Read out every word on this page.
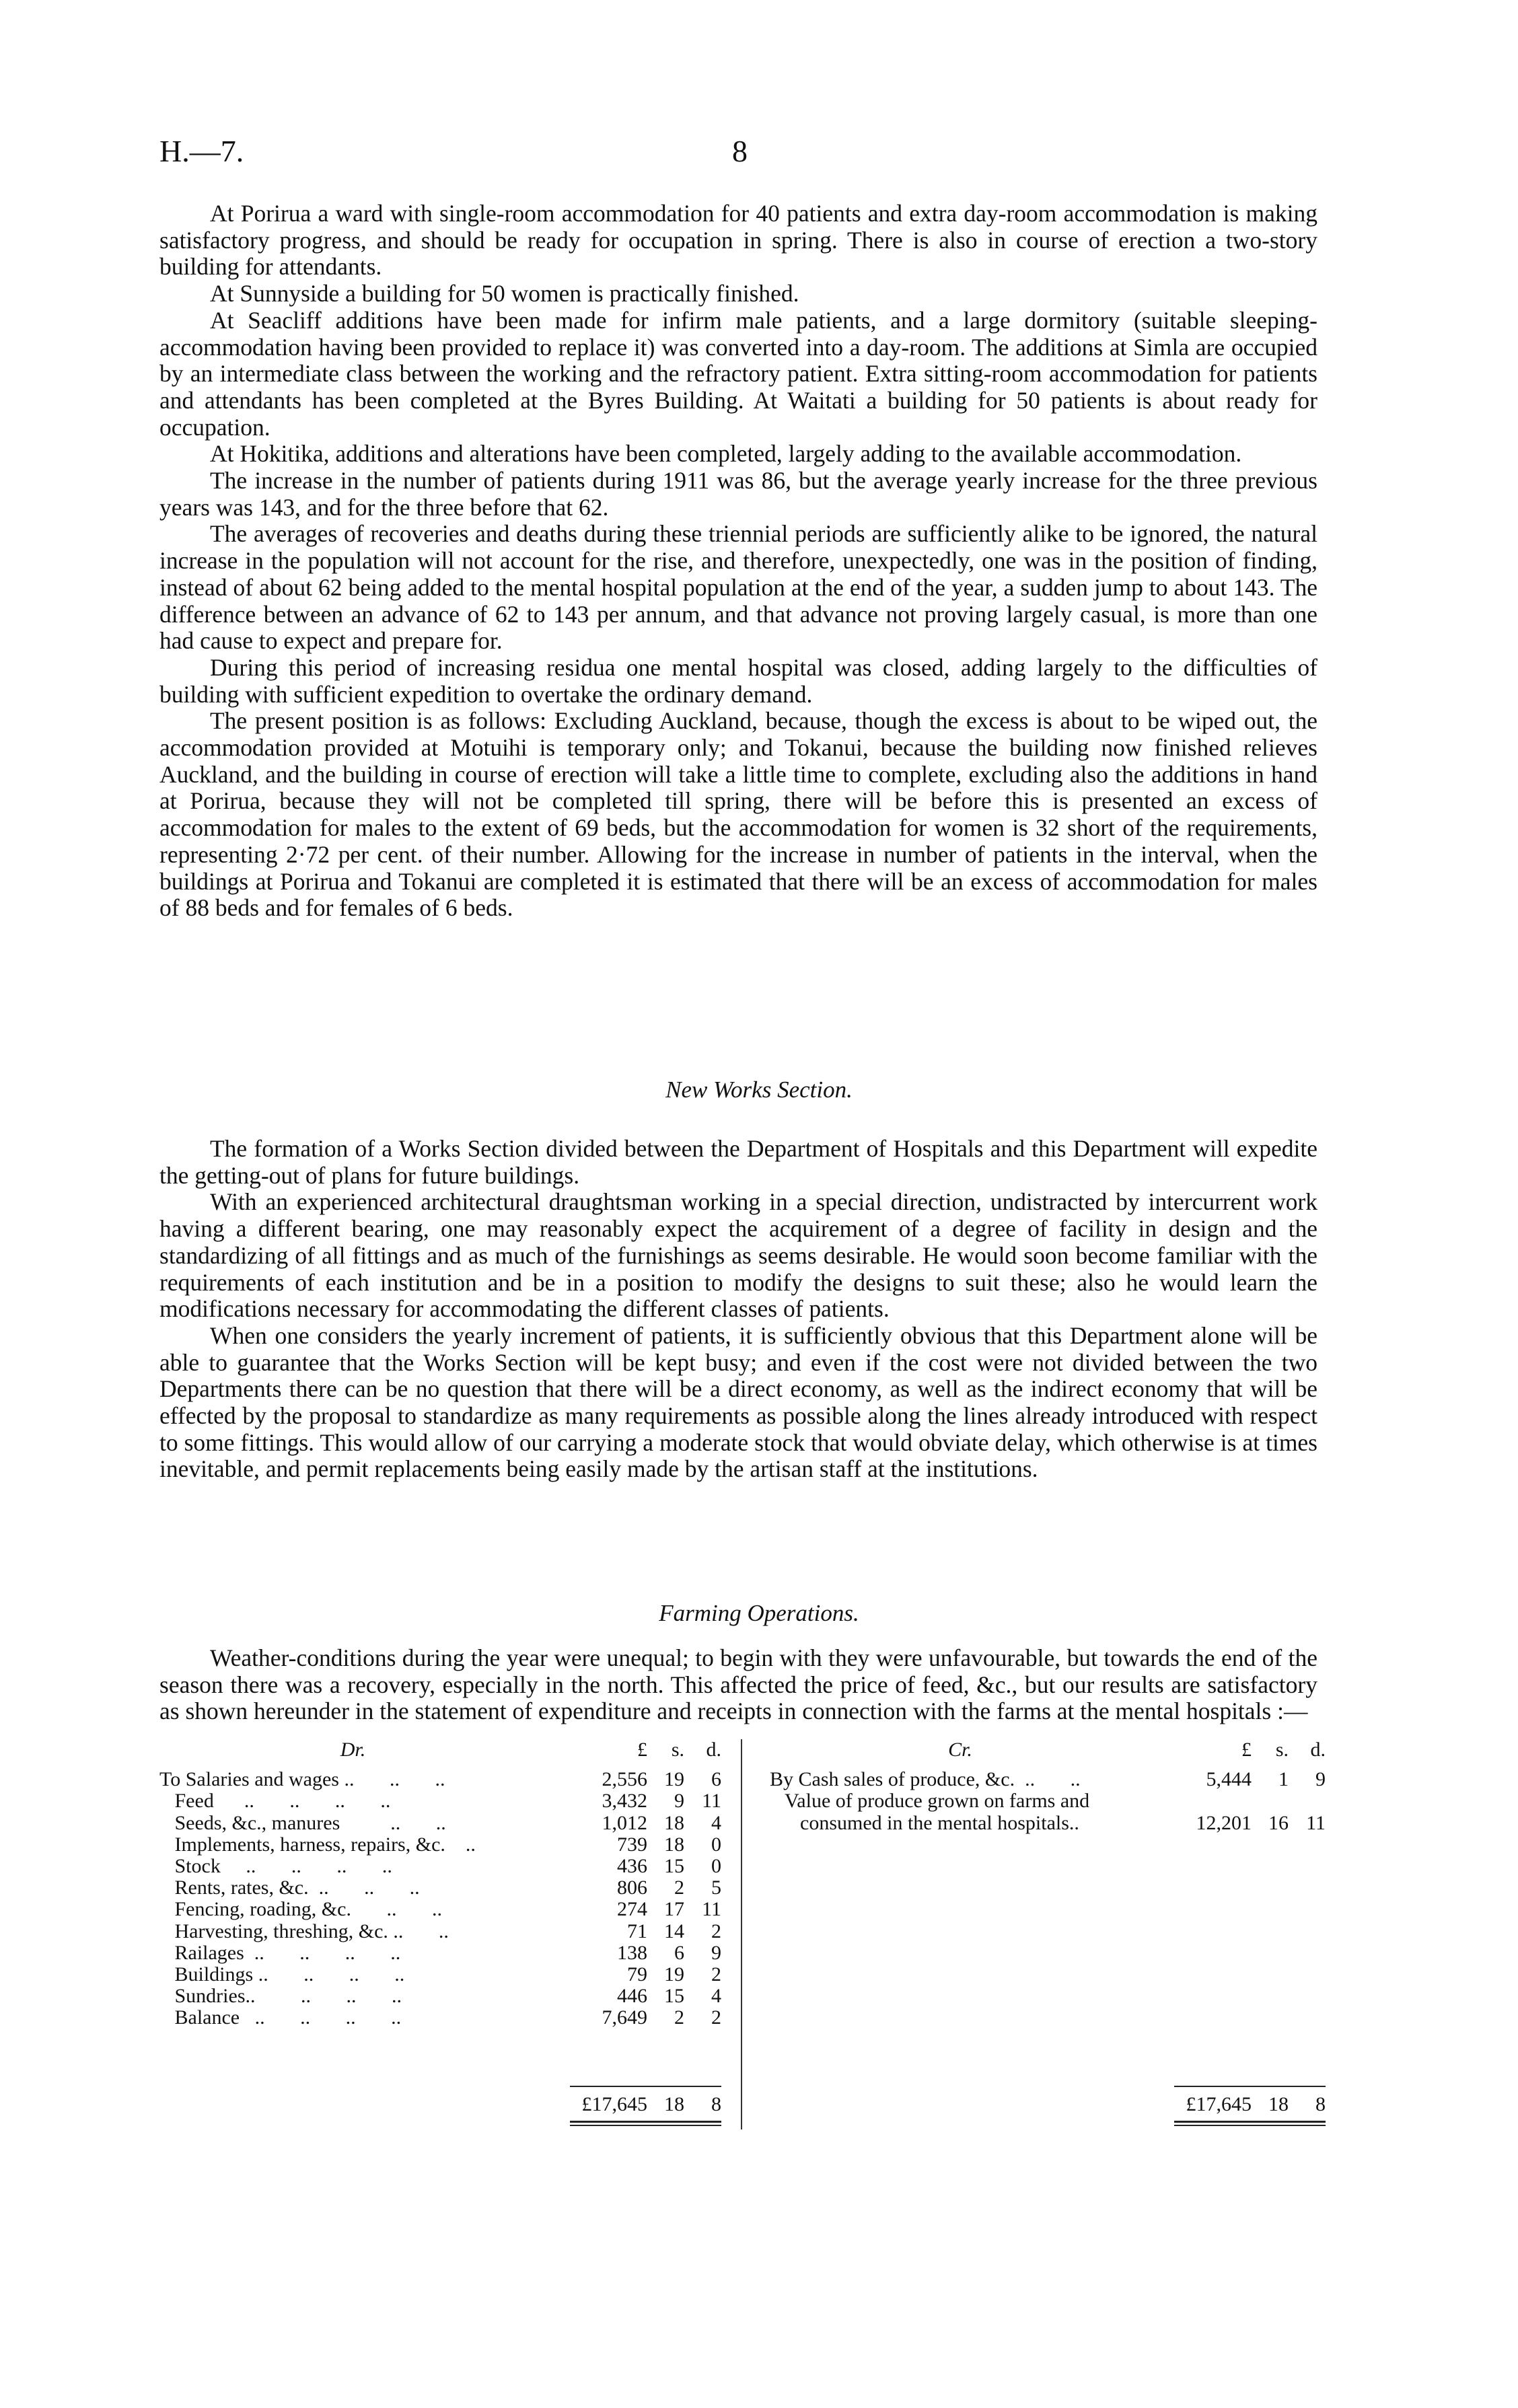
H.—7.	8

At Porirua a ward with single-room accommodation for 40 patients and extra day-room accommodation is making satisfactory progress, and should be ready for occupation in spring. There is also in course of erection a two-story building for attendants.

At Sunnyside a building for 50 women is practically finished.

At Seacliff additions have been made for infirm male patients, and a large dormitory (suitable sleeping-accommodation having been provided to replace it) was converted into a day-room. The additions at Simla are occupied by an intermediate class between the working and the refractory patient. Extra sitting-room accommodation for patients and attendants has been completed at the Byres Building. At Waitati a building for 50 patients is about ready for occupation.

At Hokitika, additions and alterations have been completed, largely adding to the available accommodation.

The increase in the number of patients during 1911 was 86, but the average yearly increase for the three previous years was 143, and for the three before that 62.

The averages of recoveries and deaths during these triennial periods are sufficiently alike to be ignored, the natural increase in the population will not account for the rise, and therefore, unexpectedly, one was in the position of finding, instead of about 62 being added to the mental hospital population at the end of the year, a sudden jump to about 143. The difference between an advance of 62 to 143 per annum, and that advance not proving largely casual, is more than one had cause to expect and prepare for.

During this period of increasing residua one mental hospital was closed, adding largely to the difficulties of building with sufficient expedition to overtake the ordinary demand.

The present position is as follows: Excluding Auckland, because, though the excess is about to be wiped out, the accommodation provided at Motuihi is temporary only; and Tokanui, because the building now finished relieves Auckland, and the building in course of erection will take a little time to complete, excluding also the additions in hand at Porirua, because they will not be completed till spring, there will be before this is presented an excess of accommodation for males to the extent of 69 beds, but the accommodation for women is 32 short of the requirements, representing 2·72 per cent. of their number. Allowing for the increase in number of patients in the interval, when the buildings at Porirua and Tokanui are completed it is estimated that there will be an excess of accommodation for males of 88 beds and for females of 6 beds.

New Works Section.

The formation of a Works Section divided between the Department of Hospitals and this Department will expedite the getting-out of plans for future buildings.

With an experienced architectural draughtsman working in a special direction, undistracted by intercurrent work having a different bearing, one may reasonably expect the acquirement of a degree of facility in design and the standardizing of all fittings and as much of the furnishings as seems desirable. He would soon become familiar with the requirements of each institution and be in a position to modify the designs to suit these; also he would learn the modifications necessary for accommodating the different classes of patients.

When one considers the yearly increment of patients, it is sufficiently obvious that this Department alone will be able to guarantee that the Works Section will be kept busy; and even if the cost were not divided between the two Departments there can be no question that there will be a direct economy, as well as the indirect economy that will be effected by the proposal to standardize as many requirements as possible along the lines already introduced with respect to some fittings. This would allow of our carrying a moderate stock that would obviate delay, which otherwise is at times inevitable, and permit replacements being easily made by the artisan staff at the institutions.

Farming Operations.

Weather-conditions during the year were unequal; to begin with they were unfavourable, but towards the end of the season there was a recovery, especially in the north. This affected the price of feed, &c., but our results are satisfactory as shown hereunder in the statement of expenditure and receipts in connection with the farms at the mental hospitals :—

Dr.	£	s.	d.
To Salaries and wages ..       ..       ..	2,556 19	6
Feed      ..       ..       ..       ..	3,432	9 11
Seeds, &c., manures          ..       ..	1,012 18	4
Implements, harness, repairs, &c.    ..	739 18	0
Stock     ..       ..       ..       ..	436 15	0
Rents, rates, &c.  ..       ..       ..	806	2	5
Fencing, roading, &c.       ..       ..	274 17 11
Harvesting, threshing, &c. ..       ..	71 14	2
Railages  ..       ..       ..       ..	138	6	9
Buildings ..       ..       ..       ..	79 19	2
Sundries..         ..       ..       ..	446 15	4
Balance   ..       ..       ..       ..	7,649	2	2
£17,645 18	8
Cr.	£	s.	d.
By Cash sales of produce, &c.  ..       ..	5,444	1	9
Value of produce grown on farms and
consumed in the mental hospitals..	12,201 16 11
£17,645 18	8
